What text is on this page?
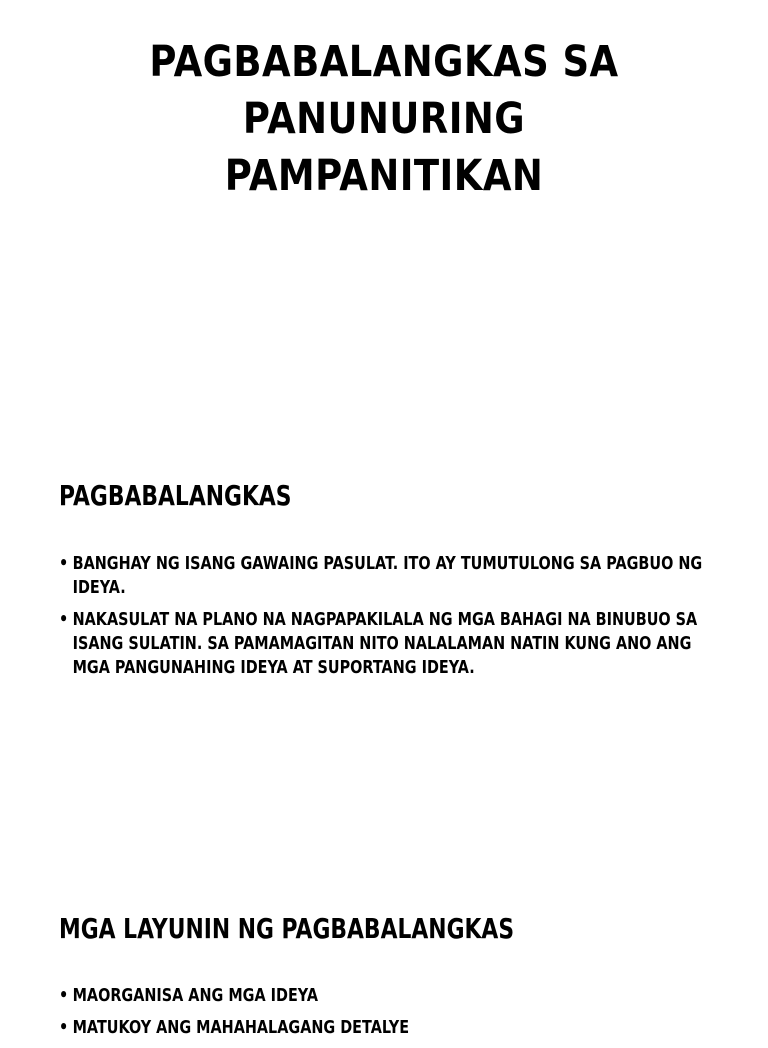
PAGBABALANGKAS SA
PANUNURING
PAMPANITIKAN
PAGBABALANGKAS
• BANGHAY NG ISANG GAWAING PASULAT. ITO AY TUMUTULONG SA PAGBUO NG IDEYA.
• NAKASULAT NA PLANO NA NAGPAPAKILALA NG MGA BAHAGI NA BINUBUO SA ISANG SULATIN. SA PAMAMAGITAN NITO NALALAMAN NATIN KUNG ANO ANG MGA PANGUNAHING IDEYA AT SUPORTANG IDEYA.
MGA LAYUNIN NG PAGBABALANGKAS
• MAORGANISA ANG MGA IDEYA
• MATUKOY ANG MAHAHALAGANG DETALYE
